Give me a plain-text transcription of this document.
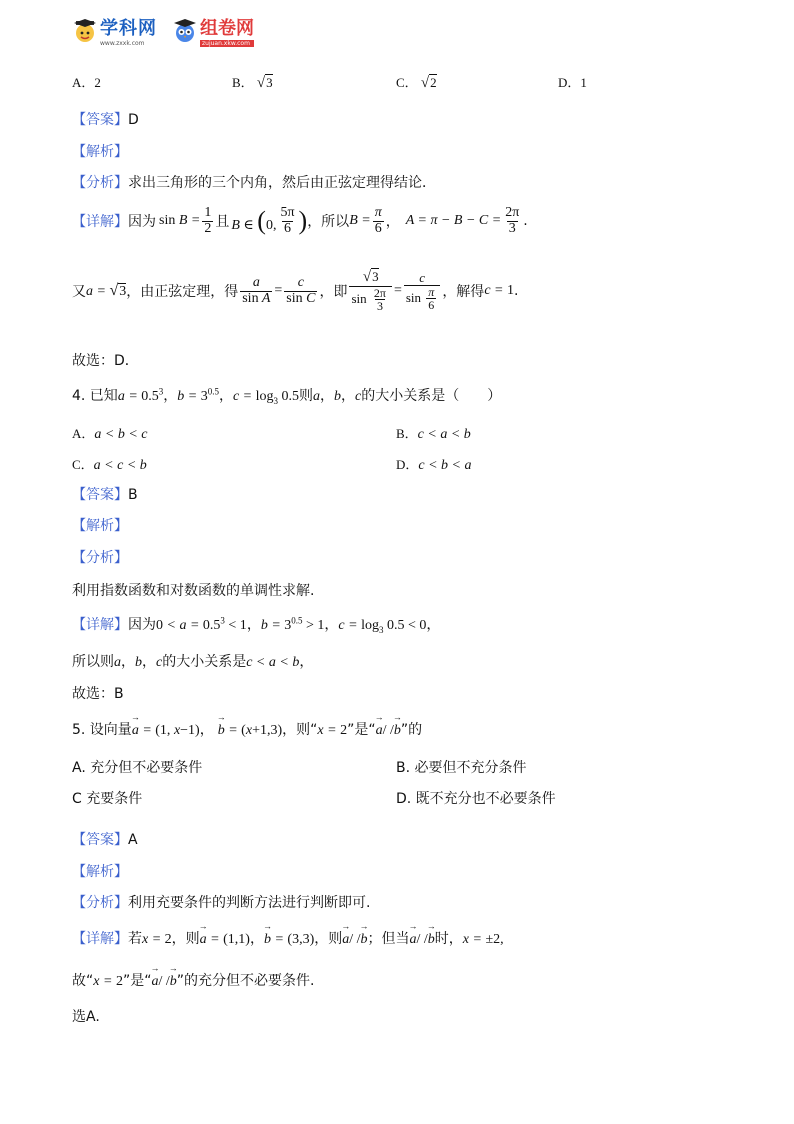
学科网
www.zxxk.com
组卷网
zujuan.xkw.com
A．2	B． √3	C． √2	D．1
【答案】D
【解析】
【分析】求出三角形的三个内角，然后由正弦定理得结论．
【详解】 因为 $\sin B = \frac{1}{2}$ 且 B ∈ (0, $\frac{5\pi}{6}$ ) ，所以 $B = \frac{\pi}{6}$ ， $A = \pi - B - C = \frac{2\pi}{3}$ .
又 a = √3 ，由正弦定理，得 $\frac{a}{\text{sin A}} = \frac{c}{\text{sin C}}$ ，即 $\frac{√3}{\sin \frac{2\pi}{3}} = \frac{c}{\sin \frac{\pi}{6}}$ ，解得 c = 1 .
故选：D．
4. 已知$a = 0.5^3$，$b = 3^{0.5}$，$c = \log_3 0.5$则a，b，c的大小关系是（　　）
A．a < b < c	B．c < a < b
C．a < c < b	D．c < b < a
【答案】B
【解析】
【分析】
利用指数函数和对数函数的单调性求解.
【详解】因为$0 < a = 0.5^3 < 1$，$b = 3^{0.5} > 1$，$c = \log_3 0.5 < 0$，
所以则a，b，c的大小关系是c < a < b，
故选：B
5. 设向量→ a = (1, x−1)，→ b = (x+1,3)，则“x = 2”是“→ a/ /→ b”的
A. 充分但不必要条件	B. 必要但不充分条件
C 充要条件	D. 既不充分也不必要条件
【答案】A
【解析】
【分析】利用充要条件的判断方法进行判断即可.
【详解】若x = 2，则→ a = (1,1)，→ b = (3,3)，则→ a/ /→ b；但当→ a/ /→ b时，x = ±2,
故“x = 2”是“→ a/ /→ b”的充分但不必要条件.
选A.
